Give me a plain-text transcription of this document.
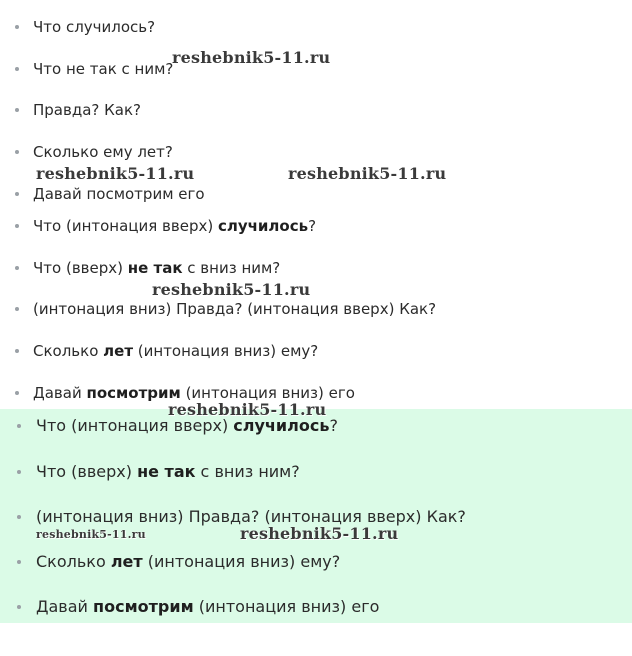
Что случилось?
Что не так с ним?
Правда? Как?
Сколько ему лет?
Давай посмотрим его
Что (интонация вверх) случилось?
Что (вверх) не так с вниз ним?
(интонация вниз) Правда? (интонация вверх) Как?
Сколько лет (интонация вниз) ему?
Давай посмотрим (интонация вниз) его
Что (интонация вверх) случилось?
Что (вверх) не так с вниз ним?
(интонация вниз) Правда? (интонация вверх) Как?
Сколько лет (интонация вниз) ему?
Давай посмотрим (интонация вниз) его
reshebnik5-11.ru
reshebnik5-11.ru	reshebnik5-11.ru
reshebnik5-11.ru
reshebnik5-11.ru
reshebnik5-11.ru	reshebnik5-11.ru
